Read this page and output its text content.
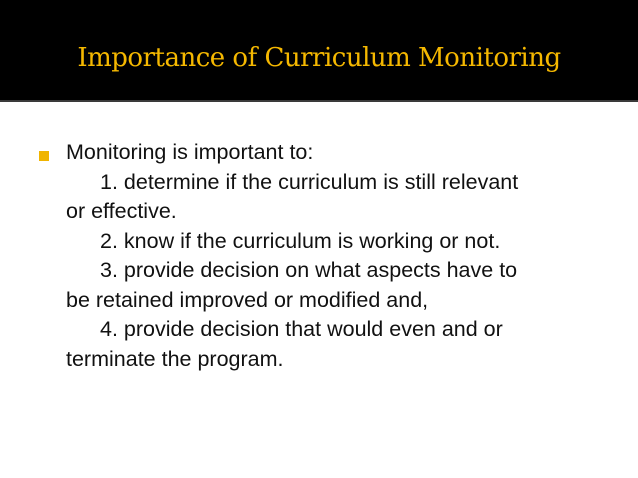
Importance of Curriculum Monitoring
Monitoring is important to:
1. determine if the curriculum is still relevant
or effective.
2. know if the curriculum is working or not.
3. provide decision on what aspects have to
be retained improved or modified and,
4. provide decision that would even and or
terminate the program.
